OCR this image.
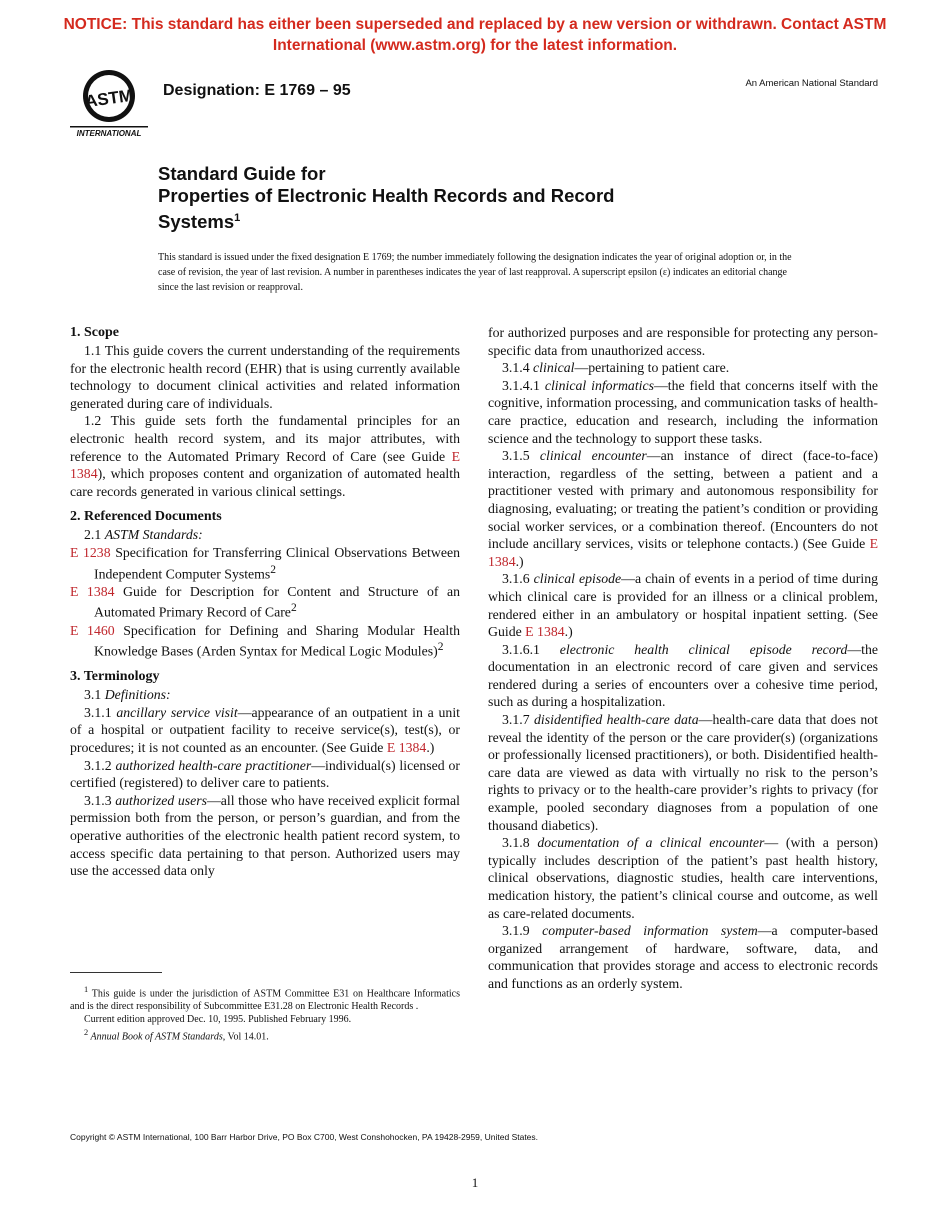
NOTICE: This standard has either been superseded and replaced by a new version or withdrawn. Contact ASTM International (www.astm.org) for the latest information.
ASTM
INTERNATIONAL
Designation: E 1769 – 95	An American National Standard
Standard Guide for
Properties of Electronic Health Records and Record
Systems$^1$
This standard is issued under the fixed designation E 1769; the number immediately following the designation indicates the year of original adoption or, in the case of revision, the year of last revision. A number in parentheses indicates the year of last reapproval. A superscript epsilon (ε) indicates an editorial change since the last revision or reapproval.
1. Scope

1.1 This guide covers the current understanding of the requirements for the electronic health record (EHR) that is using currently available technology to document clinical activities and related information generated during care of individuals.

1.2 This guide sets forth the fundamental principles for an electronic health record system, and its major attributes, with reference to the Automated Primary Record of Care (see Guide E 1384), which proposes content and organization of automated health care records generated in various clinical settings.

2. Referenced Documents

2.1 ASTM Standards:

E 1238 Specification for Transferring Clinical Observations Between Independent Computer Systems$^2$

E 1384 Guide for Description for Content and Structure of an Automated Primary Record of Care$^2$

E 1460 Specification for Defining and Sharing Modular Health Knowledge Bases (Arden Syntax for Medical Logic Modules)$^2$

3. Terminology

3.1 Definitions:

3.1.1 ancillary service visit—appearance of an outpatient in a unit of a hospital or outpatient facility to receive service(s), test(s), or procedures; it is not counted as an encounter. (See Guide E 1384.)

3.1.2 authorized health-care practitioner—individual(s) licensed or certified (registered) to deliver care to patients.

3.1.3 authorized users—all those who have received explicit formal permission both from the person, or person’s guardian, and from the operative authorities of the electronic health patient record system, to access specific data pertaining to that person. Authorized users may use the accessed data only

for authorized purposes and are responsible for protecting any person-specific data from unauthorized access.

3.1.4 clinical—pertaining to patient care.

3.1.4.1 clinical informatics—the field that concerns itself with the cognitive, information processing, and communication tasks of health-care practice, education and research, including the information science and the technology to support these tasks.

3.1.5 clinical encounter—an instance of direct (face-to-face) interaction, regardless of the setting, between a patient and a practitioner vested with primary and autonomous responsibility for diagnosing, evaluating; or treating the patient’s condition or providing social worker services, or a combination thereof. (Encounters do not include ancillary services, visits or telephone contacts.) (See Guide E 1384.)

3.1.6 clinical episode—a chain of events in a period of time during which clinical care is provided for an illness or a clinical problem, rendered either in an ambulatory or hospital inpatient setting. (See Guide E 1384.)

3.1.6.1 electronic health clinical episode record—the documentation in an electronic record of care given and services rendered during a series of encounters over a cohesive time period, such as during a hospitalization.

3.1.7 disidentified health-care data—health-care data that does not reveal the identity of the person or the care provider(s) (organizations or professionally licensed practitioners), or both. Disidentified health-care data are viewed as data with virtually no risk to the person’s rights to privacy or to the health-care provider’s rights to privacy (for example, pooled secondary diagnoses from a population of one thousand diabetics).

3.1.8 documentation of a clinical encounter— (with a person) typically includes description of the patient’s past health history, clinical observations, diagnostic studies, health care interventions, medication history, the patient’s clinical course and outcome, as well as care-related documents.

3.1.9 computer-based information system—a computer-based organized arrangement of hardware, software, data, and communication that provides storage and access to electronic records and functions as an orderly system.

$^1$ This guide is under the jurisdiction of ASTM Committee E31 on Healthcare Informatics and is the direct responsibility of Subcommittee E31.28 on Electronic Health Records .

Current edition approved Dec. 10, 1995. Published February 1996.

$^2$ Annual Book of ASTM Standards, Vol 14.01.

Copyright © ASTM International, 100 Barr Harbor Drive, PO Box C700, West Conshohocken, PA 19428-2959, United States.
1
